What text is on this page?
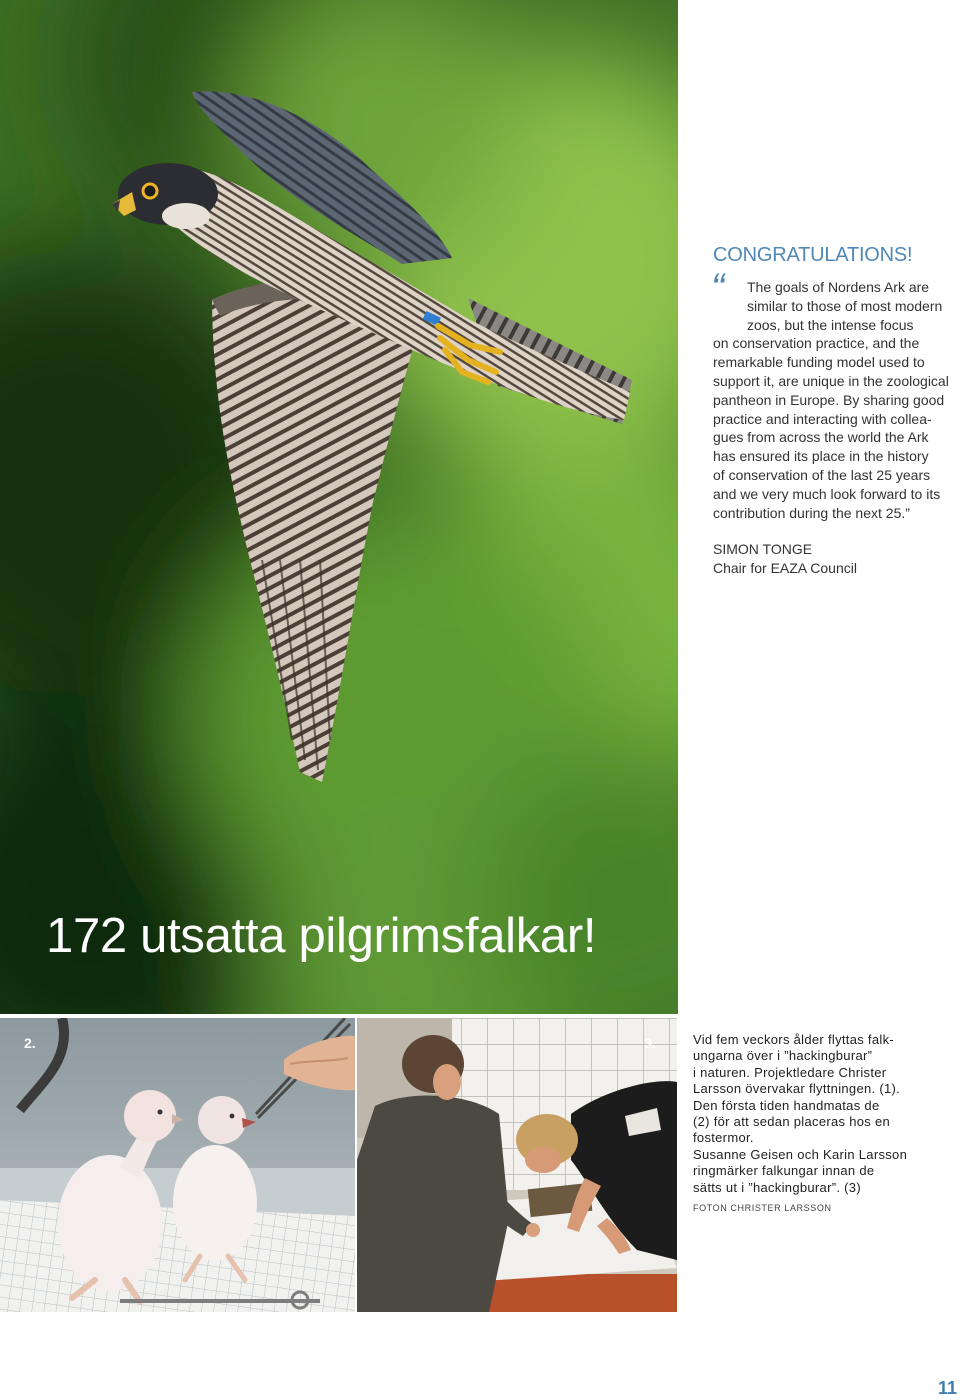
172 utsatta pilgrimsfalkar!
CONGRATULATIONS!
“	The goals of Nordens Ark are
similar to those of most modern
zoos, but the intense focus
on conservation practice, and the
remarkable funding model used to
support it, are unique in the zoological
pantheon in Europe. By sharing good
practice and interacting with collea-
gues from across the world the Ark
has ensured its place in the history
of conservation of the last 25 years
and we very much look forward to its
contribution during the next 25.”
SIMON TONGE
Chair for EAZA Council
2.	3.	Vid fem veckors ålder flyttas falk-
ungarna över i ”hackingburar”
i naturen. Projektledare Christer
Larsson övervakar flyttningen. (1).
Den första tiden handmatas de
(2) för att sedan placeras hos en
fostermor.
Susanne Geisen och Karin Larsson
ringmärker falkungar innan de
sätts ut i ”hackingburar”. (3)
FOTON CHRISTER LARSSON
11
